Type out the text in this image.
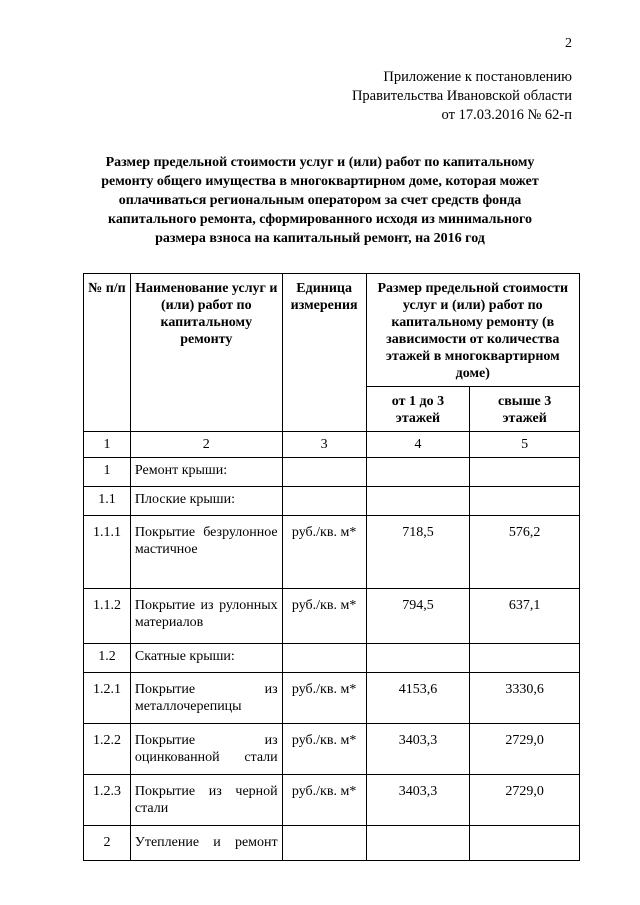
2
Приложение к постановлению
Правительства Ивановской области
от 17.03.2016 № 62-п
Размер предельной стоимости услуг и (или) работ по капитальному
ремонту общего имущества в многоквартирном доме, которая может
оплачиваться региональным оператором за счет средств фонда
капитального ремонта, сформированного исходя из минимального
размера взноса на капитальный ремонт, на 2016 год
№ п/п	Наименование услуг и (или) работ по капитальному ремонту	Единица измерения	Размер предельной стоимости услуг и (или) работ по капитальному ремонту (в зависимости от количества этажей в многоквартирном доме)	
			от 1 до 3 этажей	свыше 3 этажей
1	2	3	4	5
1	Ремонт крыши:			
1.1	Плоские крыши:			
1.1.1	Покрытие безрулонное мастичное	руб./кв. м*	718,5	576,2
1.1.2	Покрытие из рулонных материалов	руб./кв. м*	794,5	637,1
1.2	Скатные крыши:			
1.2.1	Покрытие из металлочерепицы	руб./кв. м*	4153,6	3330,6
1.2.2	Покрытие из оцинкованной стали	руб./кв. м*	3403,3	2729,0
1.2.3	Покрытие из черной стали	руб./кв. м*	3403,3	2729,0
2	Утепление и ремонт			
